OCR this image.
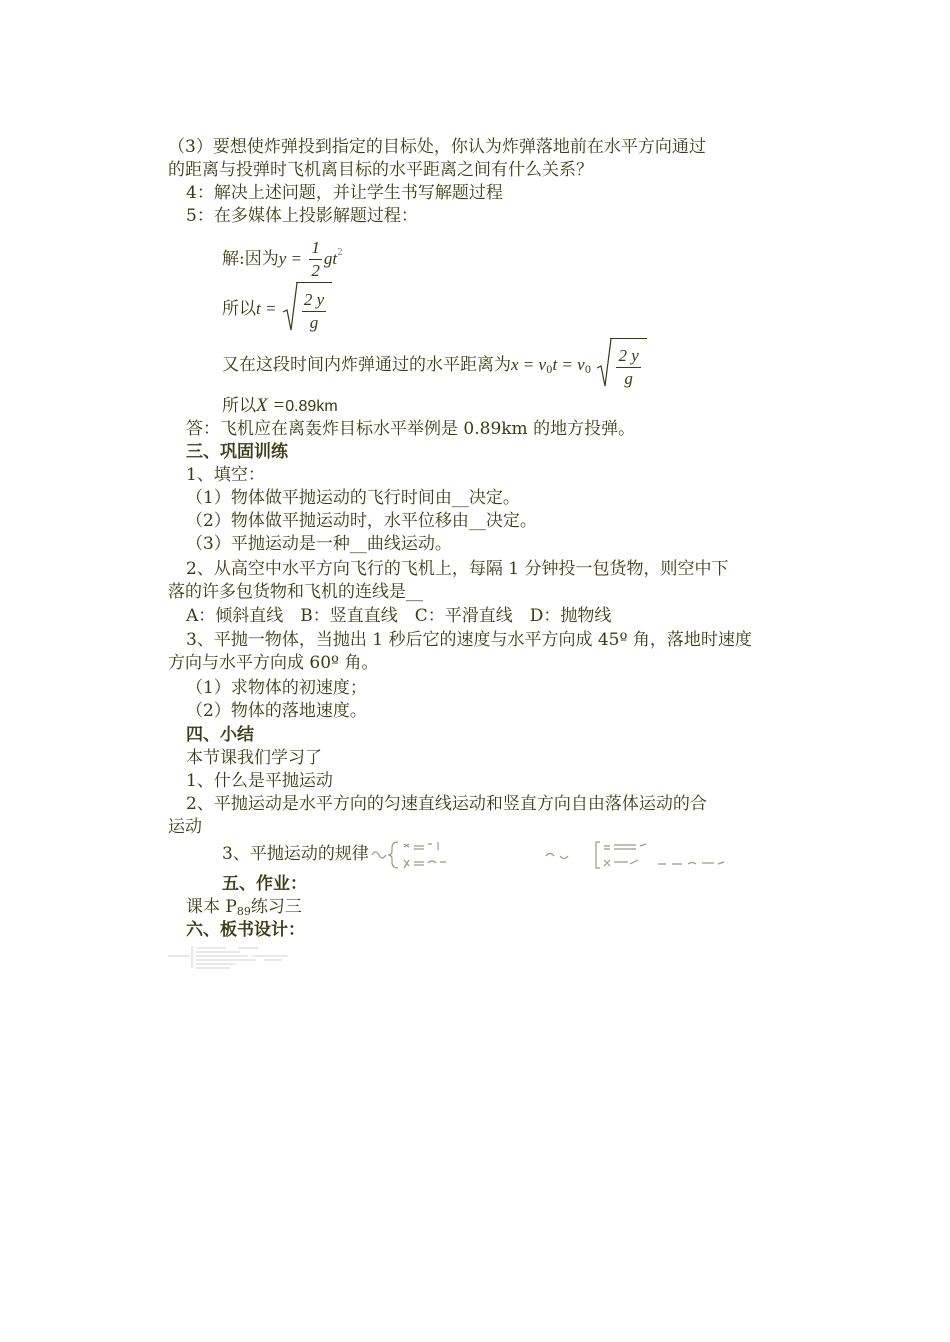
（3）要想使炸弹投到指定的目标处，你认为炸弹落地前在水平方向通过
的距离与投弹时飞机离目标的水平距离之间有什么关系？
4：解决上述问题，并让学生书写解题过程
5：在多媒体上投影解题过程：
解:因为$y = \frac{1}{2} gt^2$
所以$t = \frac{2 y}{g}$
又在这段时间内炸弹通过的水平距离为$x = v_0t = v_0 \frac{2 y}{g}$
所以X =0.89km
答：飞机应在离轰炸目标水平举例是 0.89km 的地方投弹。
三、巩固训练
1、填空：
（1）物体做平抛运动的飞行时间由__决定。
（2）物体做平抛运动时，水平位移由__决定。
（3）平抛运动是一种__曲线运动。
2、从高空中水平方向飞行的飞机上，每隔 1 分钟投一包货物，则空中下
落的许多包货物和飞机的连线是__
A：倾斜直线　B：竖直直线　C：平滑直线　D：抛物线
3、平抛一物体，当抛出 1 秒后它的速度与水平方向成 45º 角，落地时速度
方向与水平方向成 60º 角。
（1）求物体的初速度；
（2）物体的落地速度。
四、小结
本节课我们学习了
1、什么是平抛运动
2、平抛运动是水平方向的匀速直线运动和竖直方向自由落体运动的合
运动
3、平抛运动的规律
五、作业：
课本 $P_{89}$练习三
六、板书设计：
